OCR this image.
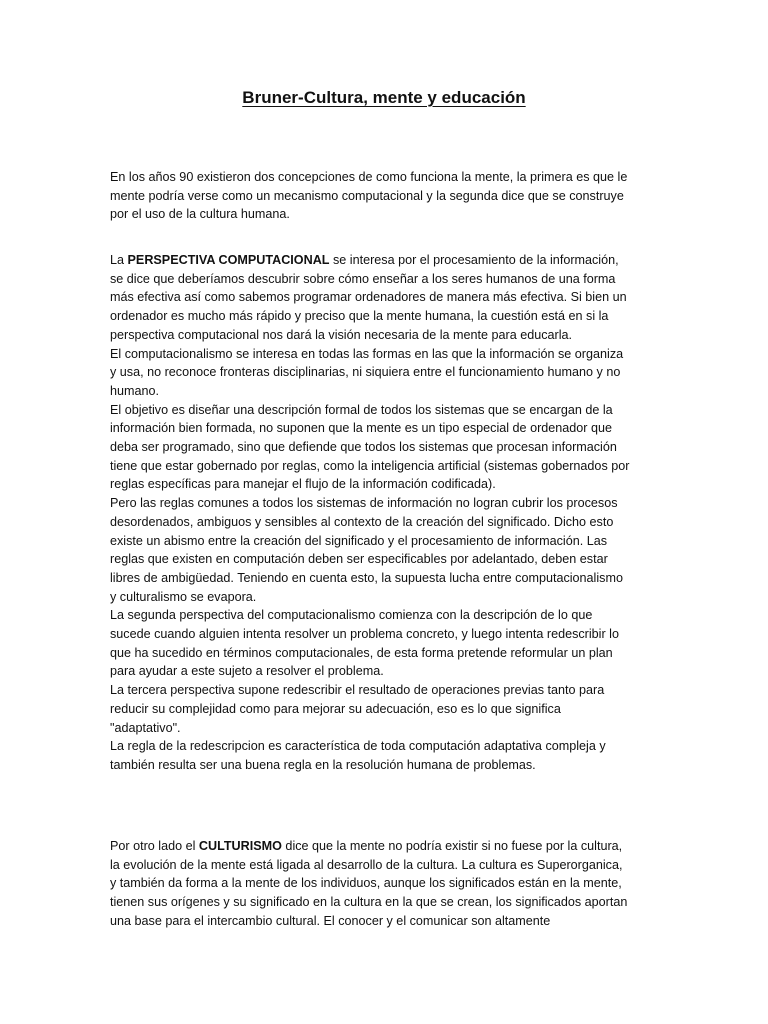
Bruner-Cultura, mente y educación

En los años 90 existieron dos concepciones de como funciona la mente, la primera es que le mente podría verse como un mecanismo computacional y la segunda dice que se construye por el uso de la cultura humana.

La PERSPECTIVA COMPUTACIONAL se interesa por el procesamiento de la información, se dice que deberíamos descubrir sobre cómo enseñar a los seres humanos de una forma más efectiva así como sabemos programar ordenadores de manera más efectiva. Si bien un ordenador es mucho más rápido y preciso que la mente humana, la cuestión está en si la perspectiva computacional nos dará la visión necesaria de la mente para educarla.

El computacionalismo se interesa en todas las formas en las que la información se organiza y usa, no reconoce fronteras disciplinarias, ni siquiera entre el funcionamiento humano y no humano.

El objetivo es diseñar una descripción formal de todos los sistemas que se encargan de la información bien formada, no suponen que la mente es un tipo especial de ordenador que deba ser programado, sino que defiende que todos los sistemas que procesan información tiene que estar gobernado por reglas, como la inteligencia artificial (sistemas gobernados por reglas específicas para manejar el flujo de la información codificada).

Pero las reglas comunes a todos los sistemas de información no logran cubrir los procesos desordenados, ambiguos y sensibles al contexto de la creación del significado. Dicho esto existe un abismo entre la creación del significado y el procesamiento de información. Las reglas que existen en computación deben ser especificables por adelantado, deben estar libres de ambigüedad. Teniendo en cuenta esto, la supuesta lucha entre computacionalismo y culturalismo se evapora.

La segunda perspectiva del computacionalismo comienza con la descripción de lo que sucede cuando alguien intenta resolver un problema concreto, y luego intenta redescribir lo que ha sucedido en términos computacionales, de esta forma pretende reformular un plan para ayudar a este sujeto a resolver el problema.

La tercera perspectiva supone redescribir el resultado de operaciones previas tanto para reducir su complejidad como para mejorar su adecuación, eso es lo que significa "adaptativo".

La regla de la redescripcion es característica de toda computación adaptativa compleja y también resulta ser una buena regla en la resolución humana de problemas.

Por otro lado el CULTURISMO dice que la mente no podría existir si no fuese por la cultura, la evolución de la mente está ligada al desarrollo de la cultura. La cultura es Superorganica, y también da forma a la mente de los individuos, aunque los significados están en la mente, tienen sus orígenes y su significado en la cultura en la que se crean, los significados aportan una base para el intercambio cultural. El conocer y el comunicar son altamente
